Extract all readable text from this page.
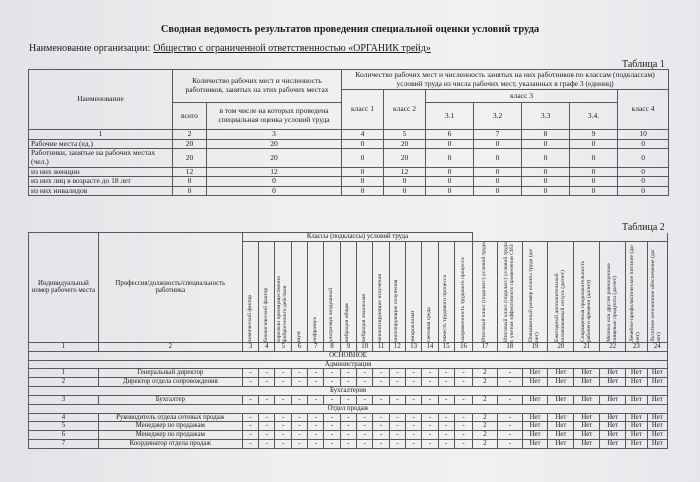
Сводная ведомость результатов проведения специальной оценки условий труда
Наименование организации: Общество с ограниченной ответственностью «ОРГАНИК трейд»
Таблица 1
Наименование	Количество рабочих мест и численность работников, занятых на этих рабочих местах		Количество рабочих мест и численность занятых на них работников по классам (подклассам) условий труда из числа рабочих мест, указанных в графе 3 (единиц)						
			класс 1	класс 2	класс 3				класс 4
	всего	в том числе на которых проведена специальная оценка условий труда			3.1	3.2	3.3	3.4.	
1	2	3	4	5	6	7	8	9	10
Рабочие места (ед.)	20	20	0	20	0	0	0	0	0
Работники, занятые на рабочих местах (чел.)	20	20	0	20	0	0	0	0	0
из них женщин	12	12	0	12	0	0	0	0	0
из них лиц в возрасте до 18 лет	0	0	0	0	0	0	0	0	0
из них инвалидов	0	0	0	0	0	0	0	0	0
Таблица 2
Индивидуальный номер рабочего места	Профессия/должность/специальность работника	Классы (подклассы) условий труда																					

		химический фактор	биологический фактор	аэрозоли преимущественно фиброгенного действия	шум	инфразвук	ультразвук воздушный	вибрация общая	вибрация локальная	неионизирующие излучения	ионизирующие излучения	микроклимат	световая среда	тяжесть трудового процесса	напряженность трудового процесса	Итоговый класс (подкласс) условий труда	Итоговый класс (подкласс) условий труда с учетом эффективного применения СИЗ	Повышенный размер оплаты труда (да/нет)	Ежегодный дополнительный оплачиваемый отпуск (да/нет)	Сокращенная продолжительность рабочего времени (да/нет)	Молоко или другие равноценные пищевые продукты (да/нет)	Лечебно-профилактическое питание (да/нет)	Льготное пенсионное обеспечение (да/нет)

1	2	3	4	5	6	7	8	9	10	11	12	13	14	15	16	17	18	19	20	21	22	23	24
ОСНОВНОЕ																							
Администрация																							
1	Генеральный директор	-	-	-	-	-	-	-	-	-	-	-	-	-	-	2	-	Нет	Нет	Нет	Нет	Нет	Нет
2	Директор отдела сопровождения	-	-	-	-	-	-	-	-	-	-	-	-	-	-	2	-	Нет	Нет	Нет	Нет	Нет	Нет
Бухгалтерия																							
3	Бухгалтер	-	-	-	-	-	-	-	-	-	-	-	-	-	-	2	-	Нет	Нет	Нет	Нет	Нет	Нет
Отдел продаж																							
4	Руководитель отдела сетевых продаж	-	-	-	-	-	-	-	-	-	-	-	-	-	-	2	-	Нет	Нет	Нет	Нет	Нет	Нет
5	Менеджер по продажам	-	-	-	-	-	-	-	-	-	-	-	-	-	-	2	-	Нет	Нет	Нет	Нет	Нет	Нет
6	Менеджер по продажам	-	-	-	-	-	-	-	-	-	-	-	-	-	-	2	-	Нет	Нет	Нет	Нет	Нет	Нет
7	Координатор отдела продаж	-	-	-	-	-	-	-	-	-	-	-	-	-	-	2	-	Нет	Нет	Нет	Нет	Нет	Нет
